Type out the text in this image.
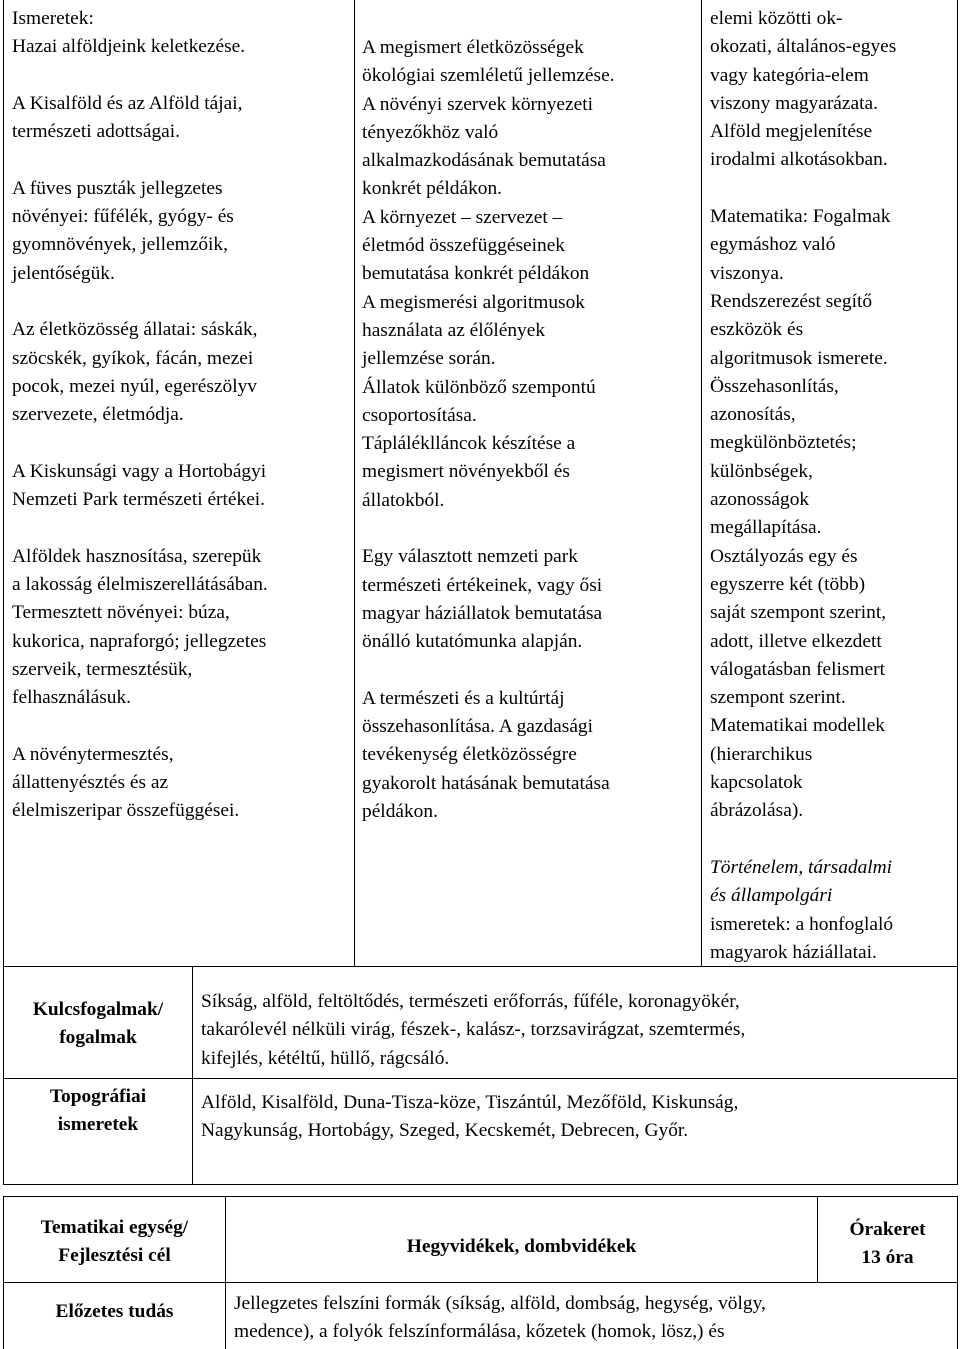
Ismeretek:
Hazai alföldjeink keletkezése.

A Kisalföld és az Alföld tájai,
természeti adottságai.

A füves puszták jellegzetes
növényei: fűfélék, gyógy- és
gyomnövények, jellemzőik,
jelentőségük.

Az életközösség állatai: sáskák,
szöcskék, gyíkok, fácán, mezei
pocok, mezei nyúl, egerészölyv
szervezete, életmódja.

A Kiskunsági vagy a Hortobágyi
Nemzeti Park természeti értékei.

Alföldek hasznosítása, szerepük
a lakosság élelmiszerellátásában.
Termesztett növényei: búza,
kukorica, napraforgó; jellegzetes
szerveik, termesztésük,
felhasználásuk.

A növénytermesztés,
állattenyésztés és az
élelmiszeripar összefüggései.

A megismert életközösségek
ökológiai szemléletű jellemzése.
A növényi szervek környezeti
tényezőkhöz való
alkalmazkodásának bemutatása
konkrét példákon.
A környezet – szervezet –
életmód összefüggéseinek
bemutatása konkrét példákon
A megismerési algoritmusok
használata az élőlények
jellemzése során.
Állatok különböző szempontú
csoportosítása.
Tápláléklláncok készítése a
megismert növényekből és
állatokból.

Egy választott nemzeti park
természeti értékeinek, vagy ősi
magyar háziállatok bemutatása
önálló kutatómunka alapján.

A természeti és a kultúrtáj
összehasonlítása. A gazdasági
tevékenység életközösségre
gyakorolt hatásának bemutatása
példákon.

elemi közötti ok-
okozati, általános-egyes
vagy kategória-elem
viszony magyarázata.
Alföld megjelenítése
irodalmi alkotásokban.

Matematika: Fogalmak
egymáshoz való
viszonya.
Rendszerezést segítő
eszközök és
algoritmusok ismerete.
Összehasonlítás,
azonosítás,
megkülönböztetés;
különbségek,
azonosságok
megállapítása.
Osztályozás egy és
egyszerre két (több)
saját szempont szerint,
adott, illetve elkezdett
válogatásban felismert
szempont szerint.
Matematikai modellek
(hierarchikus
kapcsolatok
ábrázolása).

Történelem, társadalmi
és állampolgári
ismeretek: a honfoglaló
magyarok háziállatai.

Kulcsfogalmak/
fogalmak

Síkság, alföld, feltöltődés, természeti erőforrás, fűféle, koronagyökér,
takarólevél nélküli virág, fészek-, kalász-, torzsavirágzat, szemtermés,
kifejlés, kétéltű, hüllő, rágcsáló.

Topográfiai
ismeretek

Alföld, Kisalföld, Duna-Tisza-köze, Tiszántúl, Mezőföld, Kiskunság,
Nagykunság, Hortobágy, Szeged, Kecskemét, Debrecen, Győr.

Tematikai egység/
Fejlesztési cél	Hegyvidékek, dombvidékek

Órakeret

13 óra

Előzetes tudás	Jellegzetes felszíni formák (síkság, alföld, dombság, hegység, völgy,
medence), a folyók felszínformálása, kőzetek (homok, lösz,) és
